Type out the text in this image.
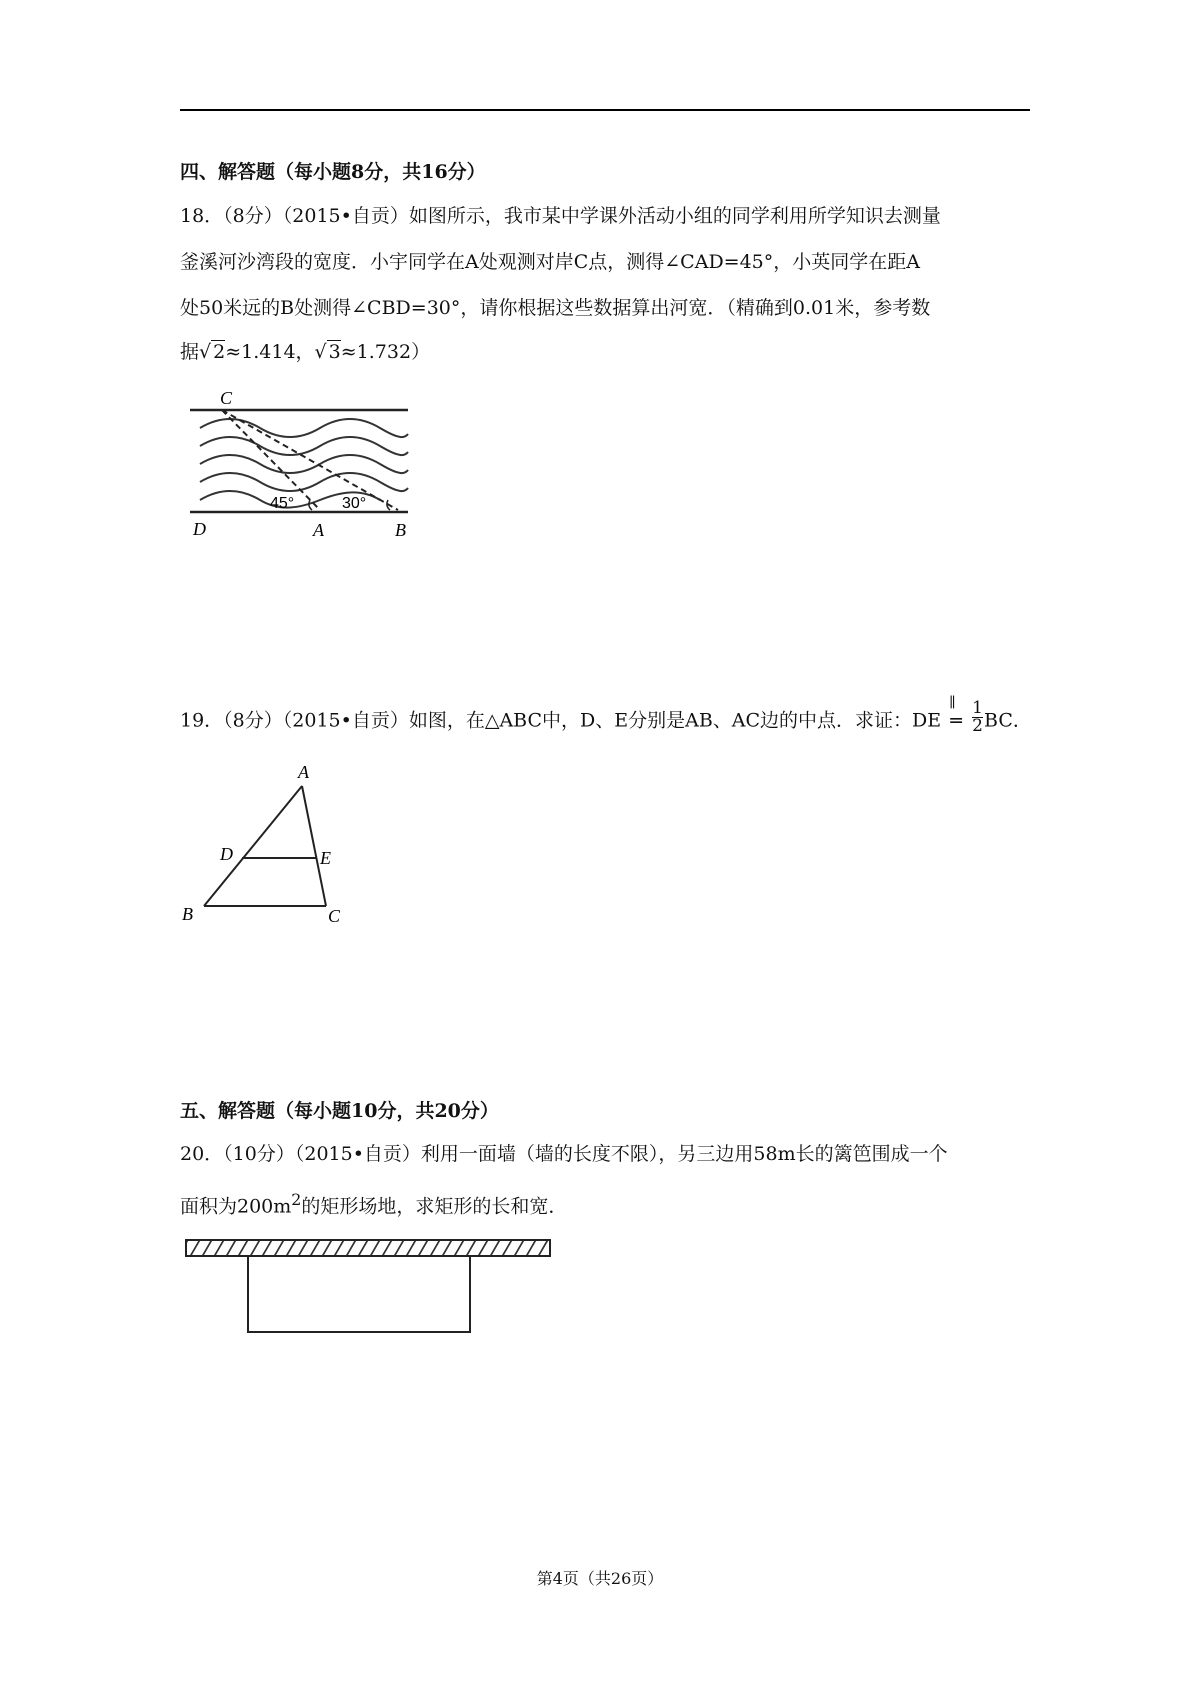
四、解答题（每小题8分，共16分）
18．（8分）（2015•自贡）如图所示，我市某中学课外活动小组的同学利用所学知识去测量
釜溪河沙湾段的宽度．小宇同学在A处观测对岸C点，测得∠CAD=45°，小英同学在距A
处50米远的B处测得∠CBD=30°，请你根据这些数据算出河宽．（精确到0.01米，参考数
据√ 2≈1.414，√ 3≈1.732）
C
D	A	B
45°	30°
19．（8分）（2015•自贡）如图，在△ABC中，D、E分别是AB、AC边的中点．求证：DE
∥
═ $\frac{1}{2}$ BC．
A
B	C
D	E
五、解答题（每小题10分，共20分）
20．（10分）（2015•自贡）利用一面墙（墙的长度不限），另三边用58m长的篱笆围成一个
面积为$200m^2$的矩形场地，求矩形的长和宽．
第4页（共26页）
